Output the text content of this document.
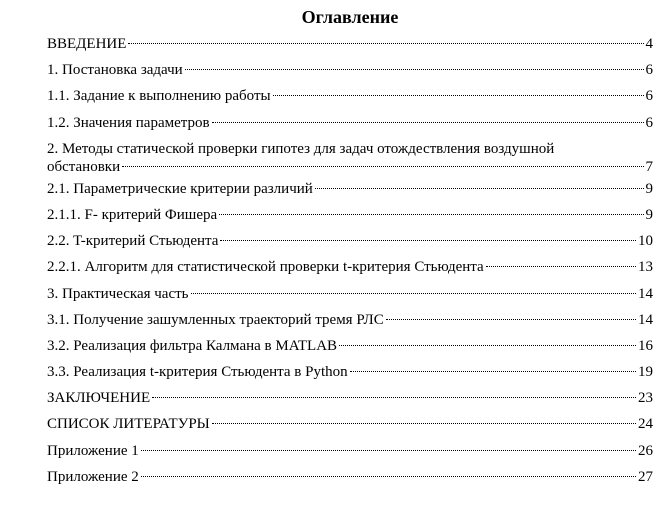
Оглавление
ВВЕДЕНИЕ	4
1. Постановка задачи	6
1.1. Задание к выполнению работы	6
1.2. Значения параметров	6
2. Методы статической проверки гипотез для задач отождествления воздушной
обстановки	7
2.1. Параметрические критерии различий	9
2.1.1. F- критерий Фишера	9
2.2. T-критерий Стьюдента	10
2.2.1. Алгоритм для статистической проверки t-критерия Стьюдента	13
3. Практическая часть	14
3.1. Получение зашумленных траекторий тремя РЛС	14
3.2. Реализация фильтра Калмана в MATLAB	16
3.3. Реализация t-критерия Стьюдента в Python	19
ЗАКЛЮЧЕНИЕ	23
СПИСОК ЛИТЕРАТУРЫ	24
Приложение 1	26
Приложение 2	27
